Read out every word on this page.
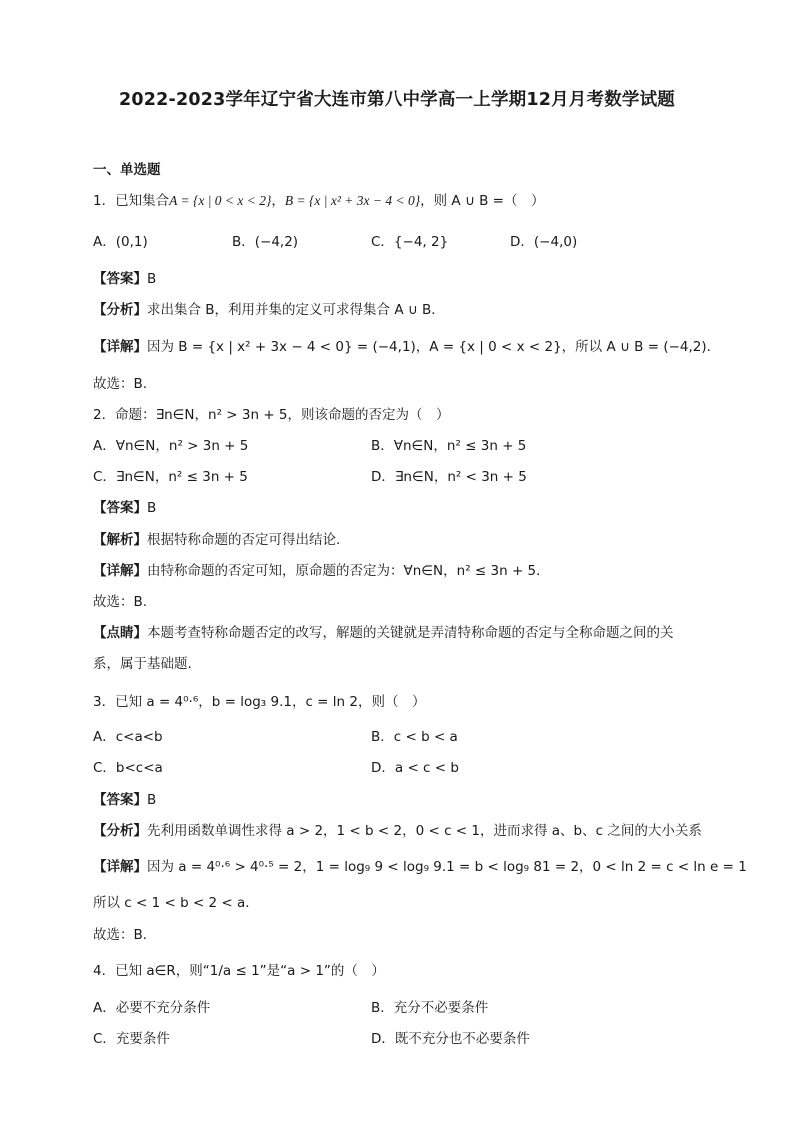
2022-2023学年辽宁省大连市第八中学高一上学期12月月考数学试题
一、单选题
1．已知集合A = {x | 0 < x < 2}，B = {x | x² + 3x − 4 < 0}，则 A ∪ B =（　）
A．(0,1)	B．(−4,2)	C．{−4, 2}	D．(−4,0)
【答案】B
【分析】求出集合 B，利用并集的定义可求得集合 A ∪ B．
【详解】因为 B = {x | x² + 3x − 4 < 0} = (−4,1)，A = {x | 0 < x < 2}，所以 A ∪ B = (−4,2)．
故选：B.
2．命题：∃n∈N，n² > 3n + 5，则该命题的否定为（　）
A．∀n∈N，n² > 3n + 5	B．∀n∈N，n² ≤ 3n + 5
C．∃n∈N，n² ≤ 3n + 5	D．∃n∈N，n² < 3n + 5
【答案】B
【解析】根据特称命题的否定可得出结论.
【详解】由特称命题的否定可知，原命题的否定为：∀n∈N，n² ≤ 3n + 5．
故选：B.
【点睛】本题考查特称命题否定的改写，解题的关键就是弄清特称命题的否定与全称命题之间的关
系，属于基础题.
3．已知 a = 4⁰·⁶，b = log₃ 9.1，c = ln 2，则（　）
A．c<a<b	B．c < b < a
C．b<c<a	D．a < c < b
【答案】B
【分析】先利用函数单调性求得 a > 2，1 < b < 2，0 < c < 1，进而求得 a、b、c 之间的大小关系
【详解】因为 a = 4⁰·⁶ > 4⁰·⁵ = 2，1 = log₉ 9 < log₉ 9.1 = b < log₉ 81 = 2，0 < ln 2 = c < ln e = 1
所以 c < 1 < b < 2 < a．
故选：B．
4．已知 a∈R，则“1/a ≤ 1”是“a > 1”的（　）
A．必要不充分条件	B．充分不必要条件
C．充要条件	D．既不充分也不必要条件
